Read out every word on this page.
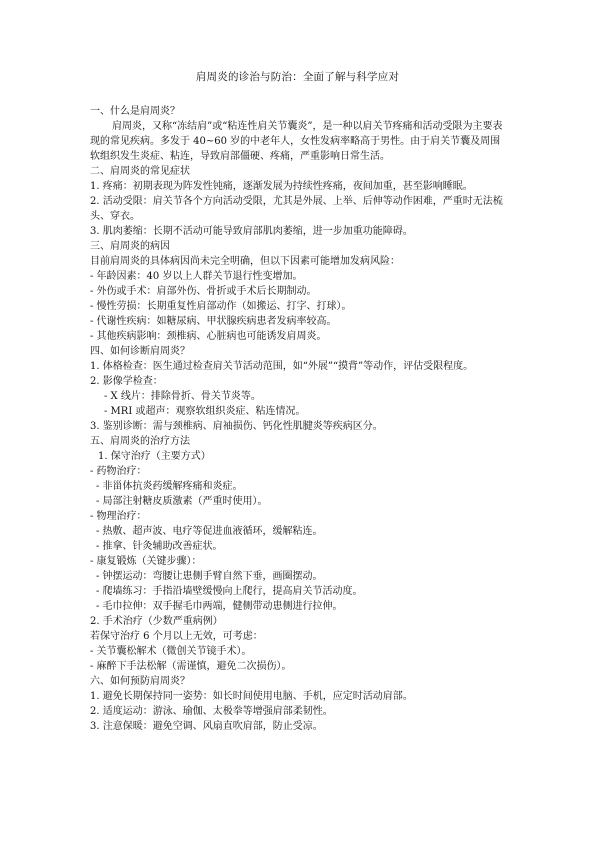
肩周炎的诊治与防治：全面了解与科学应对
一、什么是肩周炎？
肩周炎，又称“冻结肩”或“粘连性肩关节囊炎”，是一种以肩关节疼痛和活动受限为主要表现的常见疾病。多发于 40~60 岁的中老年人，女性发病率略高于男性。由于肩关节囊及周围软组织发生炎症、粘连，导致肩部僵硬、疼痛，严重影响日常生活。
二、肩周炎的常见症状
1. 疼痛：初期表现为阵发性钝痛，逐渐发展为持续性疼痛，夜间加重，甚至影响睡眠。
2. 活动受限：肩关节各个方向活动受限，尤其是外展、上举、后伸等动作困难，严重时无法梳头、穿衣。
3. 肌肉萎缩：长期不活动可能导致肩部肌肉萎缩，进一步加重功能障碍。
三、肩周炎的病因
目前肩周炎的具体病因尚未完全明确，但以下因素可能增加发病风险：
- 年龄因素：40 岁以上人群关节退行性变增加。
- 外伤或手术：肩部外伤、骨折或手术后长期制动。
- 慢性劳损：长期重复性肩部动作（如搬运、打字、打球）。
- 代谢性疾病：如糖尿病、甲状腺疾病患者发病率较高。
- 其他疾病影响：颈椎病、心脏病也可能诱发肩周炎。
四、如何诊断肩周炎？
1. 体格检查：医生通过检查肩关节活动范围，如“外展”“摸背”等动作，评估受限程度。
2. 影像学检查：
- X 线片：排除骨折、骨关节炎等。
- MRI 或超声：观察软组织炎症、粘连情况。
3. 鉴别诊断：需与颈椎病、肩袖损伤、钙化性肌腱炎等疾病区分。
五、肩周炎的治疗方法
1. 保守治疗（主要方式）
- 药物治疗：
- 非甾体抗炎药缓解疼痛和炎症。
- 局部注射糖皮质激素（严重时使用）。
- 物理治疗：
- 热敷、超声波、电疗等促进血液循环，缓解粘连。
- 推拿、针灸辅助改善症状。
- 康复锻炼（关键步骤）：
- 钟摆运动：弯腰让患侧手臂自然下垂，画圈摆动。
- 爬墙练习：手指沿墙壁缓慢向上爬行，提高肩关节活动度。
- 毛巾拉伸：双手握毛巾两端，健侧带动患侧进行拉伸。
2. 手术治疗（少数严重病例）
若保守治疗 6 个月以上无效，可考虑：
- 关节囊松解术（微创关节镜手术）。
- 麻醉下手法松解（需谨慎，避免二次损伤）。
六、如何预防肩周炎？
1. 避免长期保持同一姿势：如长时间使用电脑、手机，应定时活动肩部。
2. 适度运动：游泳、瑜伽、太极拳等增强肩部柔韧性。
3. 注意保暖：避免空调、风扇直吹肩部，防止受凉。
